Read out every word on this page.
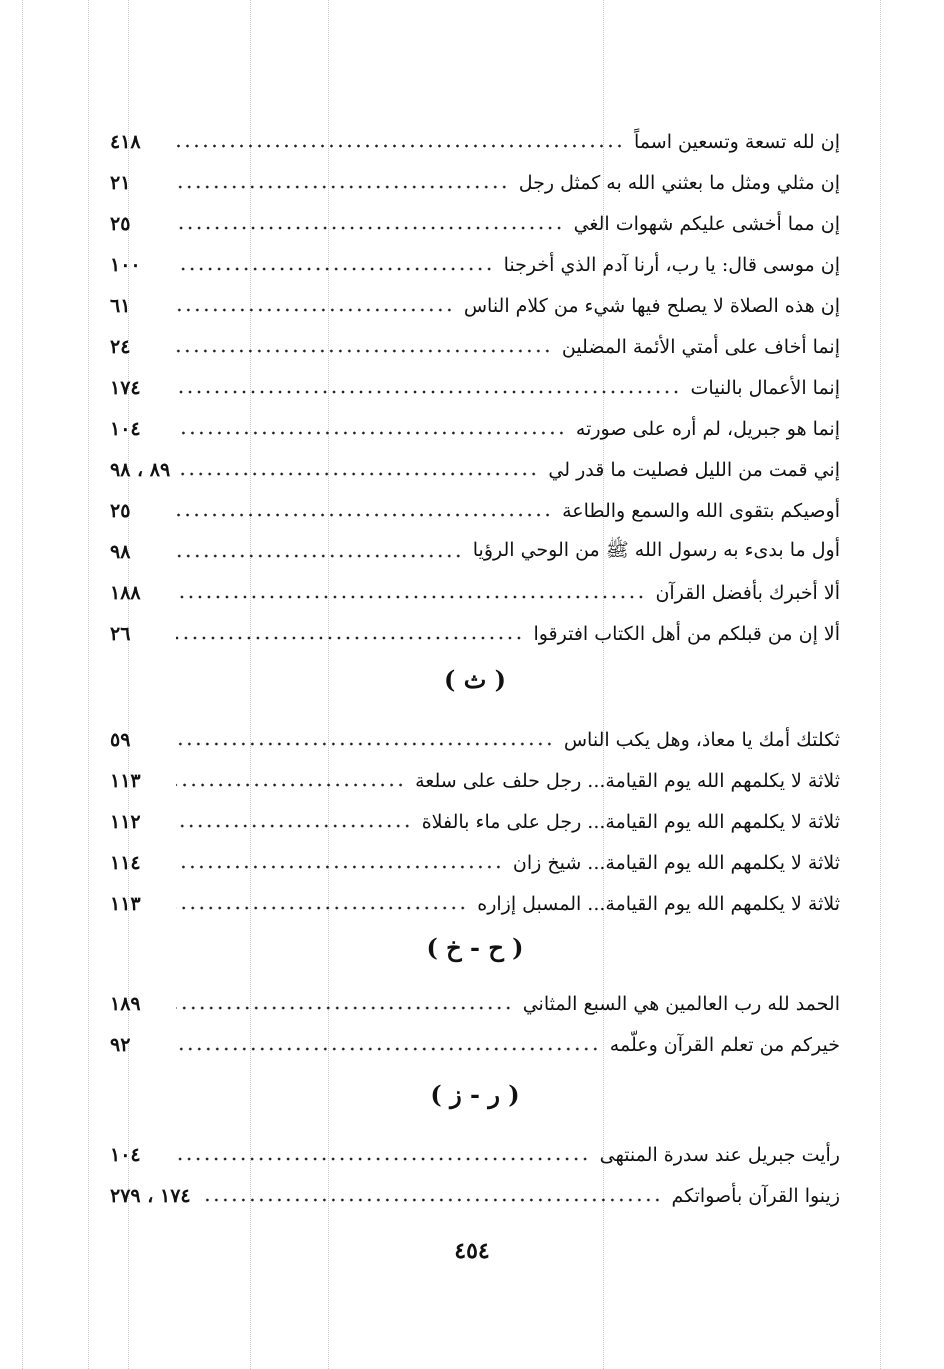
٤١٨	إن لله تسعة وتسعين اسماً
٢١	إن مثلي ومثل ما بعثني الله به كمثل رجل
٢٥	إن مما أخشى عليكم شهوات الغي
١٠٠	إن موسى قال: يا رب، أرنا آدم الذي أخرجنا
٦١	إن هذه الصلاة لا يصلح فيها شيء من كلام الناس
٢٤	إنما أخاف على أمتي الأئمة المضلين
١٧٤	إنما الأعمال بالنيات
١٠٤	إنما هو جبريل، لم أره على صورته
٨٩ ، ٩٨	إني قمت من الليل فصليت ما قدر لي
٢٥	أوصيكم بتقوى الله والسمع والطاعة
٩٨	أول ما بدىء به رسول الله ﷺ من الوحي الرؤيا
١٨٨	ألا أخبرك بأفضل القرآن
٢٦	ألا إن من قبلكم من أهل الكتاب افترقوا
( ث )
٥٩	ثكلتك أمك يا معاذ، وهل يكب الناس
١١٣	ثلاثة لا يكلمهم الله يوم القيامة... رجل حلف على سلعة
١١٢	ثلاثة لا يكلمهم الله يوم القيامة... رجل على ماء بالفلاة
١١٤	ثلاثة لا يكلمهم الله يوم القيامة... شيخ زان
١١٣	ثلاثة لا يكلمهم الله يوم القيامة... المسبل إزاره
( ح - خ )
١٨٩	الحمد لله رب العالمين هي السبع المثاني
٩٢	خيركم من تعلم القرآن وعلّمه
( ر - ز )
١٠٤	رأيت جبريل عند سدرة المنتهى
١٧٤ ، ٢٧٩	زينوا القرآن بأصواتكم
٤٥٤
